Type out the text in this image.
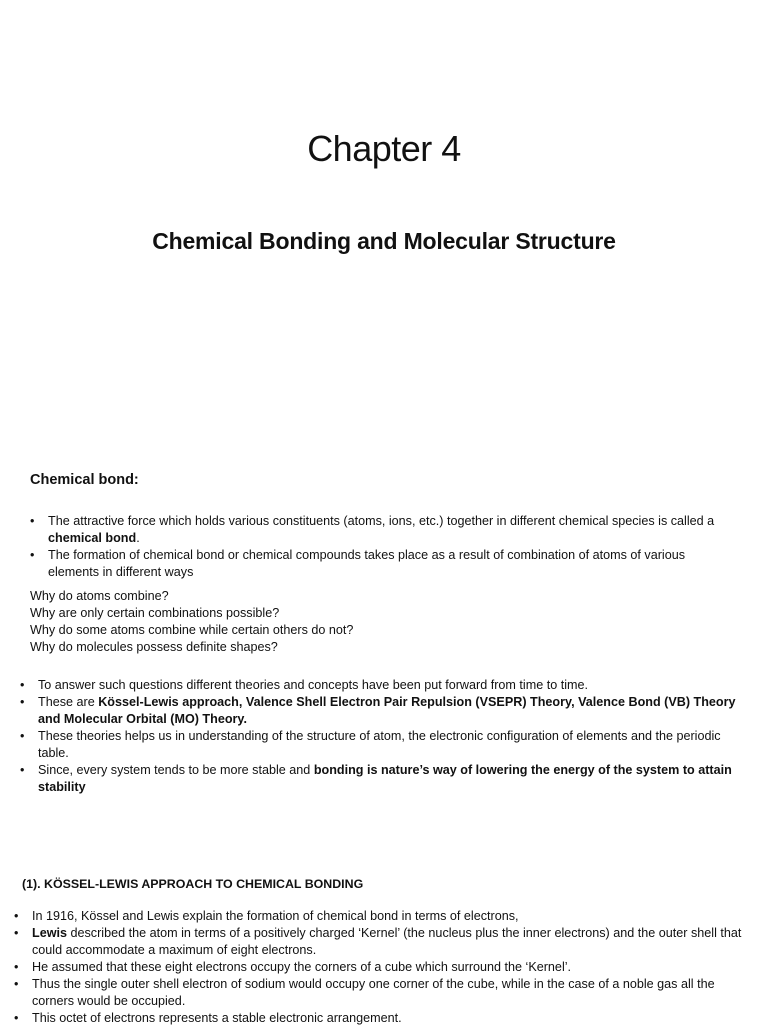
Chapter 4
Chemical Bonding and Molecular Structure
Chemical bond:
• The attractive force which holds various constituents (atoms, ions, etc.) together in different chemical species is called a chemical bond.
• The formation of chemical bond or chemical compounds takes place as a result of combination of atoms of various elements in different ways
Why do atoms combine?
Why are only certain combinations possible?
Why do some atoms combine while certain others do not?
Why do molecules possess definite shapes?
• To answer such questions different theories and concepts have been put forward from time to time.
• These are Kössel-Lewis approach, Valence Shell Electron Pair Repulsion (VSEPR) Theory, Valence Bond (VB) Theory and Molecular Orbital (MO) Theory.
• These theories helps us in understanding of the structure of atom, the electronic configuration of elements and the periodic table.
• Since, every system tends to be more stable and bonding is nature’s way of lowering the energy of the system to attain stability
(1). KÖSSEL-LEWIS APPROACH TO CHEMICAL BONDING
• In 1916, Kössel and Lewis explain the formation of chemical bond in terms of electrons,
• Lewis described the atom in terms of a positively charged ‘Kernel’ (the nucleus plus the inner electrons) and the outer shell that could accommodate a maximum of eight electrons.
• He assumed that these eight electrons occupy the corners of a cube which surround the ‘Kernel’.
• Thus the single outer shell electron of sodium would occupy one corner of the cube, while in the case of a noble gas all the corners would be occupied.
• This octet of electrons represents a stable electronic arrangement.
